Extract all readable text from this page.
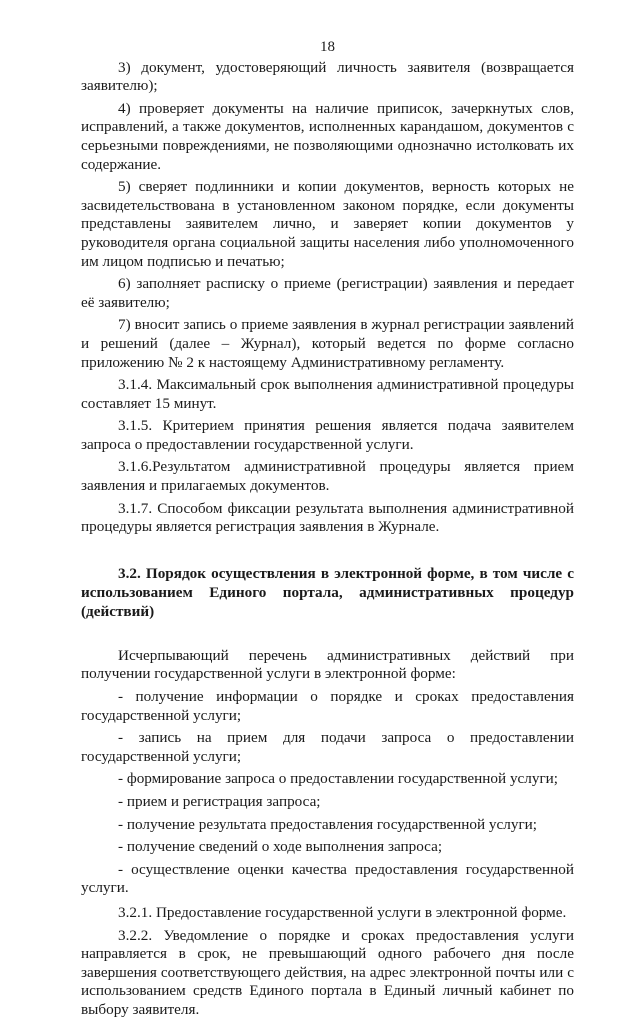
18

3) документ, удостоверяющий личность заявителя (возвращается заявителю);

4) проверяет документы на наличие приписок, зачеркнутых слов, исправлений, а также документов, исполненных карандашом, документов с серьезными повреждениями, не позволяющими однозначно истолковать их содержание.

5) сверяет подлинники и копии документов, верность которых не засвидетельствована в установленном законом порядке, если документы представлены заявителем лично, и заверяет копии документов у руководителя органа социальной защиты населения либо уполномоченного им лицом подписью и печатью;

6) заполняет расписку о приеме (регистрации) заявления и передает её заявителю;

7) вносит запись о приеме заявления в журнал регистрации заявлений и решений (далее – Журнал), который ведется по форме согласно приложению № 2 к настоящему Административному регламенту.

3.1.4. Максимальный срок выполнения административной процедуры составляет 15 минут.

3.1.5. Критерием принятия решения является подача заявителем запроса о предоставлении государственной услуги.

3.1.6.Результатом административной процедуры является прием заявления и прилагаемых документов.

3.1.7. Способом фиксации результата выполнения административной процедуры является регистрация заявления в Журнале.

3.2. Порядок осуществления в электронной форме, в том числе с использованием Единого портала, административных процедур (действий)

Исчерпывающий перечень административных действий при получении государственной услуги в электронной форме:

- получение информации о порядке и сроках предоставления государственной услуги;

- запись на прием для подачи запроса о предоставлении государственной услуги;

- формирование запроса о предоставлении государственной услуги;

- прием и регистрация запроса;

- получение результата предоставления государственной услуги;

- получение сведений о ходе выполнения запроса;

- осуществление оценки качества предоставления государственной услуги.

3.2.1. Предоставление государственной услуги в электронной форме.

3.2.2. Уведомление о порядке и сроках предоставления услуги направляется в срок, не превышающий одного рабочего дня после завершения соответствующего действия, на адрес электронной почты или с использованием средств Единого портала в Единый личный кабинет по выбору заявителя.
